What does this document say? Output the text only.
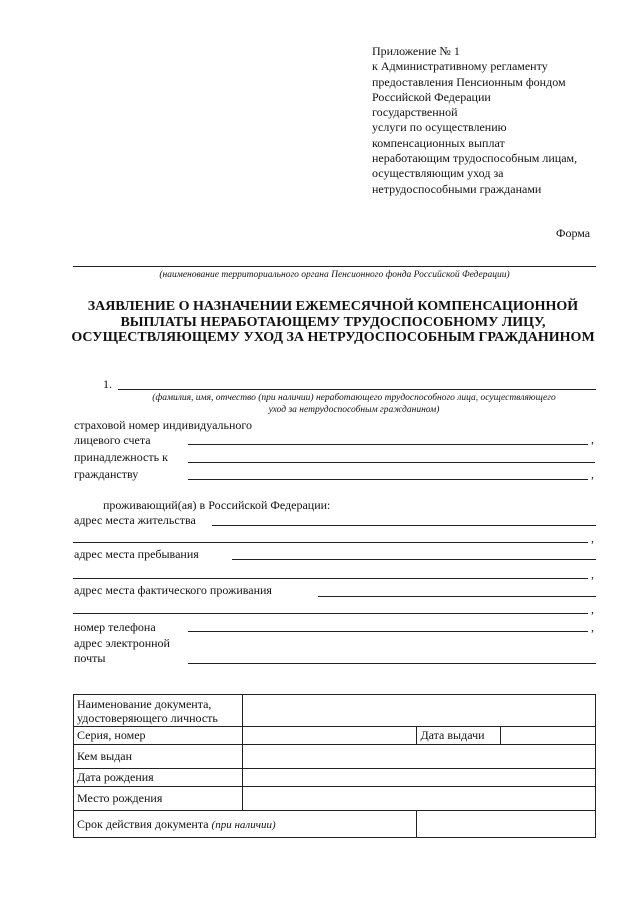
Приложение № 1
к Административному регламенту
предоставления Пенсионным фондом
Российской Федерации
государственной
услуги по осуществлению
компенсационных выплат
неработающим трудоспособным лицам,
осуществляющим уход за
нетрудоспособными гражданами
Форма
(наименование территориального органа Пенсионного фонда Российской Федерации)
ЗАЯВЛЕНИЕ О НАЗНАЧЕНИИ ЕЖЕМЕСЯЧНОЙ КОМПЕНСАЦИОННОЙ ВЫПЛАТЫ НЕРАБОТАЮЩЕМУ ТРУДОСПОСОБНОМУ ЛИЦУ, ОСУЩЕСТВЛЯЮЩЕМУ УХОД ЗА НЕТРУДОСПОСОБНЫМ ГРАЖДАНИНОМ
1.
(фамилия, имя, отчество (при наличии) неработающего трудоспособного лица, осуществляющего
уход за нетрудоспособным гражданином)
страховой номер индивидуального
лицевого счета	,
принадлежность к
гражданству	,
проживающий(ая) в Российской Федерации:
адрес места жительства
,
адрес места пребывания
,
адрес места фактического проживания
,
номер телефона	,
адрес электронной
почты
Наименование документа,
удостоверяющего личность			

Серия, номер		Дата выдачи	
Кем выдан			
Дата рождения			
Место рождения			
Срок действия документа (при наличии)			
